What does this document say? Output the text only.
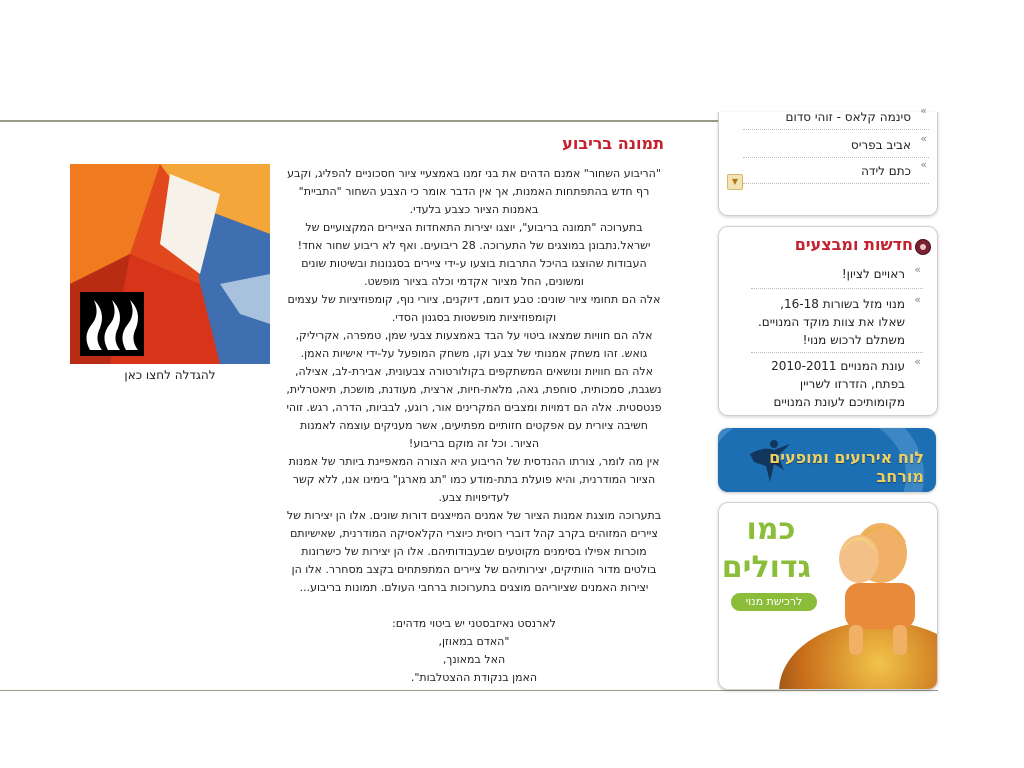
»
סינמה קלאס - זוהי סדום
»
אביב בפריס
»
כתם לידה
▼
חדשות ומבצעים
»
ראויים לציון!
»
מנוי מזל בשורות 16-18, שאלו את צוות מוקד המנויים. משתלם לרכוש מנוי!
»
עונת המנויים 2010-2011 בפתח, הזדרזו לשריין מקומותיכם לעונת המנויים
לוח אירועים ומופעים מורחב
כמו גדולים
לרכישת מנוי
תמונה בריבוע

"הריבוע השחור" אמנם הדהים את בני זמנו באמצעיי ציור חסכוניים להפליג, וקבע רף חדש בהתפתחות האמנות, אך אין הדבר אומר כי הצבע השחור "התביית" באמנות הציור כצבע בלעדי.

בתערוכה "תמונה בריבוע", יוצגו יצירות התאחדות הציירים המקצועיים של ישראל.נתבונן במוצגים של התערוכה. 28 ריבועים. ואף לא ריבוע שחור אחד! העבודות שהוצגו בהיכל התרבות בוצעו ע-ידי ציירים בסגנונות ובשיטות שונים ומשונים, החל מציור אקדמי וכלה בציור מופשט.

אלה הם תחומי ציור שונים: טבע דומם, דיוקנים, ציורי נוף, קומפוזיציות של עצמים וקומפוזיציות מופשטות בסגנון הסדי.

אלה הם חוויות שמצאו ביטוי על הבד באמצעות צבעי שמן, טמפרה, אקריליק, גואש. זהו משחק אמנותי של צבע וקו, משחק המופעל על-ידי אישיות האמן.

אלה הם חוויות ונושאים המשתקפים בקולורטורה צבעונית, אבירת-לב, אצילה, נשגבת, סמכותית, סוחפת, גאה, מלאת-חיות, ארצית, מעודנת, מושכת, תיאטרלית, פנטסטית. אלה הם דמויות ומצבים המקרינים אור, רוגע, לבביות, הדרה, רגש. זוהי חשיבה ציורית עם אפקטים חזותיים מפתיעים, אשר מעניקים עוצמה לאמנות הציור. וכל זה מוקם בריבוע!

אין מה לומר, צורתו ההנדסית של הריבוע היא הצורה המאפיינת ביותר של אמנות הציור המודרנית, והיא פועלת בתת-מודע כמו "תג מארגן" בימינו אנו, ללא קשר לעדיפויות צבע.

בתערוכה מוצגת אמנות הציור של אמנים המייצגים דורות שונים. אלו הן יצירות של ציירים המזוהים בקרב קהל דוברי רוסית כיוצרי הקלאסיקה המודרנית, שאישיותם מוכרות אפילו בסימנים מקוטעים שבעבודותיהם. אלו הן יצירות של כישרונות בולטים מדור הוותיקים, יצירותיהם של ציירים המתפתחים בקצב מסחרר. אלו הן יצירות האמנים שציוריהם מוצגים בתערוכות ברחבי העולם. תמונות בריבוע...

לארנסט נאיזבסטני יש ביטוי מדהים:

"האדם במאוזן,

האל במאונך,

האמן בנקודת ההצטלבות".

להגדלה לחצו כאן
